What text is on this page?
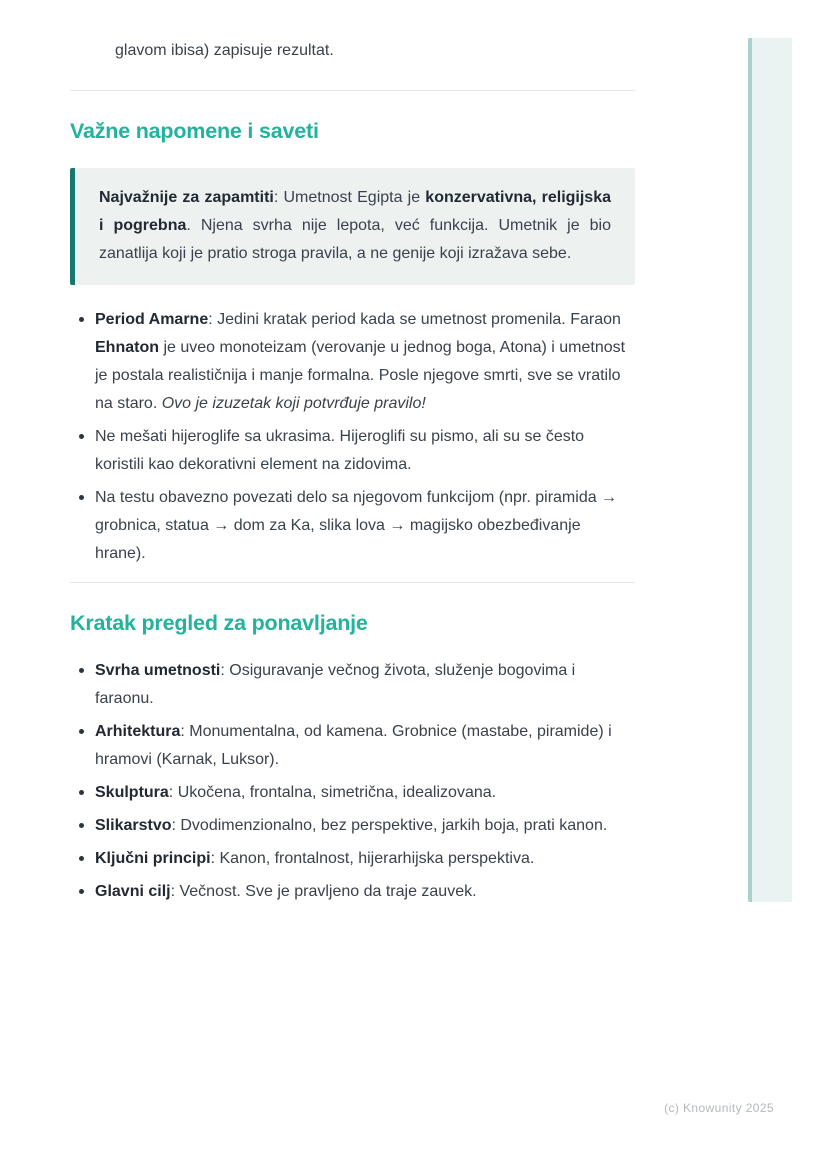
glavom ibisa) zapisuje rezultat.

Važne napomene i saveti

Najvažnije za zapamtiti: Umetnost Egipta je konzervativna, religijska i pogrebna. Njena svrha nije lepota, već funkcija. Umetnik je bio zanatlija koji je pratio stroga pravila, a ne genije koji izražava sebe.

Period Amarne: Jedini kratak period kada se umetnost promenila. Faraon Ehnaton je uveo monoteizam (verovanje u jednog boga, Atona) i umetnost je postala realističnija i manje formalna. Posle njegove smrti, sve se vratilo na staro. Ovo je izuzetak koji potvrđuje pravilo!
Ne mešati hijeroglife sa ukrasima. Hijeroglifi su pismo, ali su se često koristili kao dekorativni element na zidovima.
Na testu obavezno povezati delo sa njegovom funkcijom (npr. piramida → grobnica, statua → dom za Ka, slika lova → magijsko obezbeđivanje hrane).
Kratak pregled za ponavljanje
Svrha umetnosti: Osiguravanje večnog života, služenje bogovima i faraonu.
Arhitektura: Monumentalna, od kamena. Grobnice (mastabe, piramide) i hramovi (Karnak, Luksor).
Skulptura: Ukočena, frontalna, simetrična, idealizovana.
Slikarstvo: Dvodimenzionalno, bez perspektive, jarkih boja, prati kanon.
Ključni principi: Kanon, frontalnost, hijerarhijska perspektiva.
Glavni cilj: Večnost. Sve je pravljeno da traje zauvek.
(c) Knowunity 2025
